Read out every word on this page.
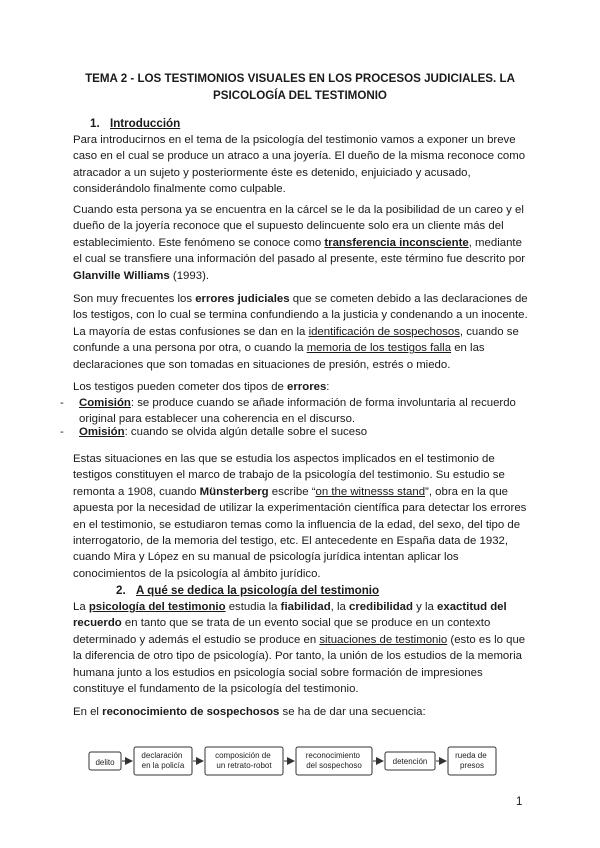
TEMA 2 - LOS TESTIMONIOS VISUALES EN LOS PROCESOS JUDICIALES. LA PSICOLOGÍA DEL TESTIMONIO
1. Introducción

Para introducirnos en el tema de la psicología del testimonio vamos a exponer un breve caso en el cual se produce un atraco a una joyería. El dueño de la misma reconoce como atracador a un sujeto y posteriormente éste es detenido, enjuiciado y acusado, considerándolo finalmente como culpable.

Cuando esta persona ya se encuentra en la cárcel se le da la posibilidad de un careo y el dueño de la joyería reconoce que el supuesto delincuente solo era un cliente más del establecimiento. Este fenómeno se conoce como transferencia inconsciente, mediante el cual se transfiere una información del pasado al presente, este término fue descrito por Glanville Williams (1993).

Son muy frecuentes los errores judiciales que se cometen debido a las declaraciones de los testigos, con lo cual se termina confundiendo a la justicia y condenando a un inocente. La mayoría de estas confusiones se dan en la identificación de sospechosos, cuando se confunde a una persona por otra, o cuando la memoria de los testigos falla en las declaraciones que son tomadas en situaciones de presión, estrés o miedo.

Los testigos pueden cometer dos tipos de errores:

- Comisión: se produce cuando se añade información de forma involuntaria al recuerdo original para establecer una coherencia en el discurso.
- Omisión: cuando se olvida algún detalle sobre el suceso

Estas situaciones en las que se estudia los aspectos implicados en el testimonio de testigos constituyen el marco de trabajo de la psicología del testimonio. Su estudio se remonta a 1908, cuando Münsterberg escribe “on the witnesss stand”, obra en la que apuesta por la necesidad de utilizar la experimentación científica para detectar los errores en el testimonio, se estudiaron temas como la influencia de la edad, del sexo, del tipo de interrogatorio, de la memoria del testigo, etc. El antecedente en España data de 1932, cuando Mira y López en su manual de psicología jurídica intentan aplicar los conocimientos de la psicología al ámbito jurídico.

2. A qué se dedica la psicología del testimonio

La psicología del testimonio estudia la fiabilidad, la credibilidad y la exactitud del recuerdo en tanto que se trata de un evento social que se produce en un contexto determinado y además el estudio se produce en situaciones de testimonio (esto es lo que la diferencia de otro tipo de psicología). Por tanto, la unión de los estudios de la memoria humana junto a los estudios en psicología social sobre formación de impresiones constituye el fundamento de la psicología del testimonio.

En el reconocimiento de sospechosos se ha de dar una secuencia:

delito
declaración en la policía
composición de un retrato-robot
reconocimiento del sospechoso	detención
rueda de presos
1
